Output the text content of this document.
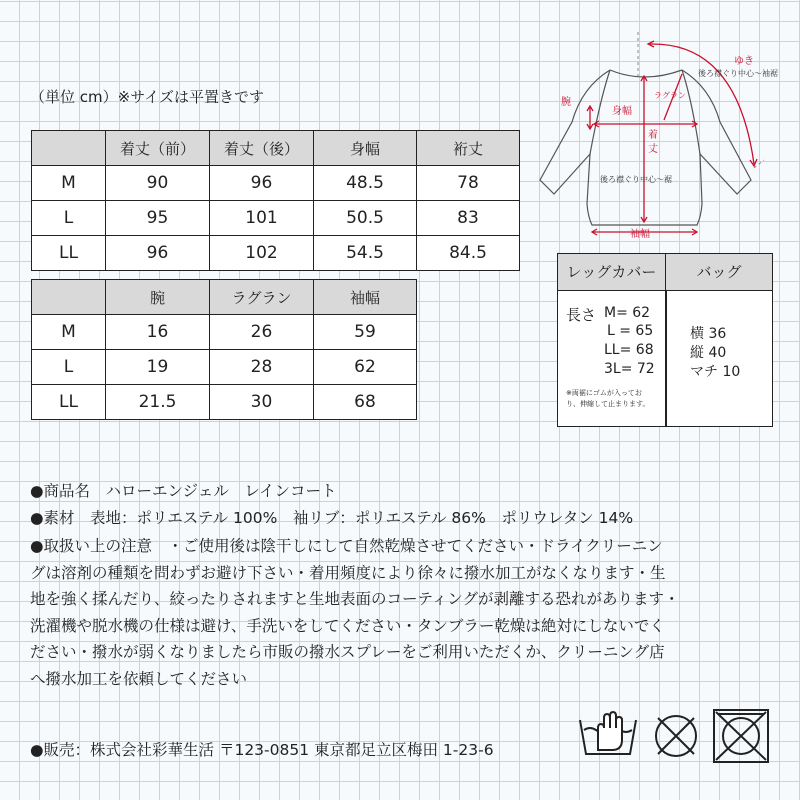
（単位 cm）※サイズは平置きです
	着丈（前）	着丈（後）	身幅	裄丈
M	90	96	48.5	78
L	95	101	50.5	83
LL	96	102	54.5	84.5
	腕	ラグラン	袖幅
M	16	26	59
L	19	28	62
LL	21.5	30	68
ゆき
後ろ襟ぐり中心〜袖裾
ラグラン
腕
身幅
着
丈
後ろ襟ぐり中心〜裾
袖幅
レッグカバー	バッグ
長さ M= 62
L = 65
LL= 68
3L= 72
※両裾にゴムが入ってお
り、伸縮して止まります。
横 36
縦 40
マチ 10
●商品名　ハローエンジェル　レインコート
●素材　表地：ポリエステル 100%　袖リブ：ポリエステル 86%　ポリウレタン 14%
●取扱い上の注意　・ご使用後は陰干しにして自然乾燥させてください・ドライクリーニン
グは溶剤の種類を問わずお避け下さい・着用頻度により徐々に撥水加工がなくなります・生
地を強く揉んだり、絞ったりされますと生地表面のコーティングが剥離する恐れがあります・
洗濯機や脱水機の仕様は避け、手洗いをしてください・タンブラー乾燥は絶対にしないでく
ださい・撥水が弱くなりましたら市販の撥水スプレーをご利用いただくか、クリーニング店
へ撥水加工を依頼してください
●販売：株式会社彩華生活 〒123-0851 東京都足立区梅田 1-23-6
